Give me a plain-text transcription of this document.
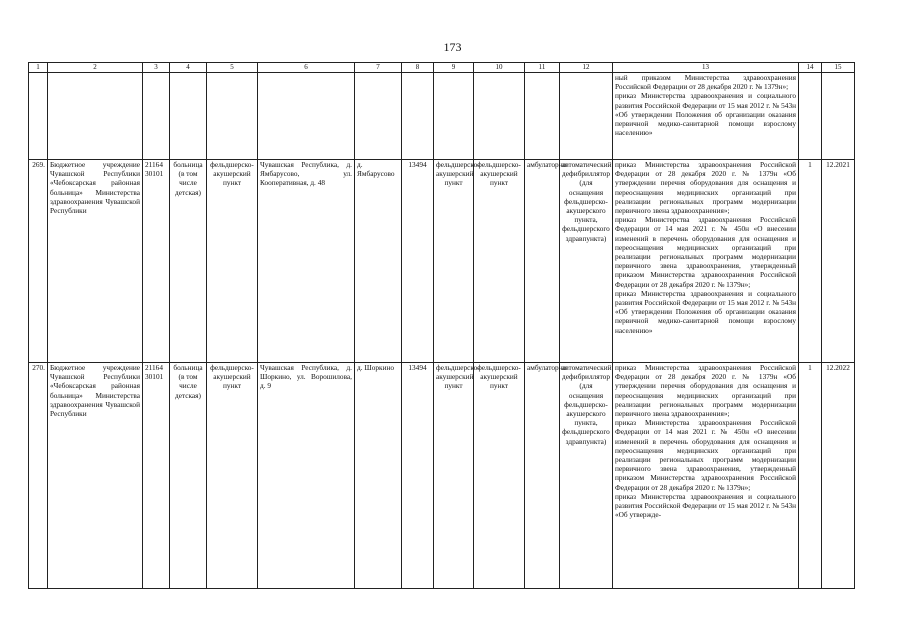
173
1	2	3	4	5	6	7	8	9	10	11	12	13	14	15

												ный приказом Министерства здравоохранения Российской Федерации от 28 декабря 2020 г. № 1379н»;
приказ Министерства здравоохранения и социального развития Российской Федерации от 15 мая 2012 г. № 543н «Об утверждении Положения об организации оказания первичной медико-санитарной помощи взрослому населению»		

269.	Бюджетное учреждение Чувашской Республики «Чебоксарская районная больница» Министерства здравоохранения Чувашской Республики	21164 30101	больница (в том числе детская)	фельдшерско-акушерский пункт	Чувашская Республика, д. Ямбарусово, ул. Кооперативная, д. 48	д. Ямбарусово	13494	фельдшерско-акушерский пункт	фельдшерско-акушерский пункт	амбулаторно	автоматический дефибриллятор (для оснащения фельдшерско-акушерского пункта, фельдшерского здравпункта)	приказ Министерства здравоохранения Российской Федерации от 28 декабря 2020 г. № 1379н «Об утверждении перечня оборудования для оснащения и переоснащения медицинских организаций при реализации региональных программ модернизации первичного звена здравоохранения»;
приказ Министерства здравоохранения Российской Федерации от 14 мая 2021 г. № 450н «О внесении изменений в перечень оборудования для оснащения и переоснащения медицинских организаций при реализации региональных программ модернизации первичного звена здравоохранения, утвержденный приказом Министерства здравоохранения Российской Федерации от 28 декабря 2020 г. № 1379н»;
приказ Министерства здравоохранения и социального развития Российской Федерации от 15 мая 2012 г. № 543н «Об утверждении Положения об организации оказания первичной медико-санитарной помощи взрослому населению»	1	12.2021
270.	Бюджетное учреждение Чувашской Республики «Чебоксарская районная больница» Министерства здравоохранения Чувашской Республики	21164 30101	больница (в том числе детская)	фельдшерско-акушерский пункт	Чувашская Республика, д. Шоркино, ул. Ворошилова, д. 9	д. Шоркино	13494	фельдшерско-акушерский пункт	фельдшерско-акушерский пункт	амбулаторно	автоматический дефибриллятор (для оснащения фельдшерско-акушерского пункта, фельдшерского здравпункта)	приказ Министерства здравоохранения Российской Федерации от 28 декабря 2020 г. № 1379н «Об утверждении перечня оборудования для оснащения и переоснащения медицинских организаций при реализации региональных программ модернизации первичного звена здравоохранения»;
приказ Министерства здравоохранения Российской Федерации от 14 мая 2021 г. № 450н «О внесении изменений в перечень оборудования для оснащения и переоснащения медицинских организаций при реализации региональных программ модернизации первичного звена здравоохранения, утвержденный приказом Министерства здравоохранения Российской Федерации от 28 декабря 2020 г. № 1379н»;
приказ Министерства здравоохранения и социального развития Российской Федерации от 15 мая 2012 г. № 543н «Об утвержде-	1	12.2022
